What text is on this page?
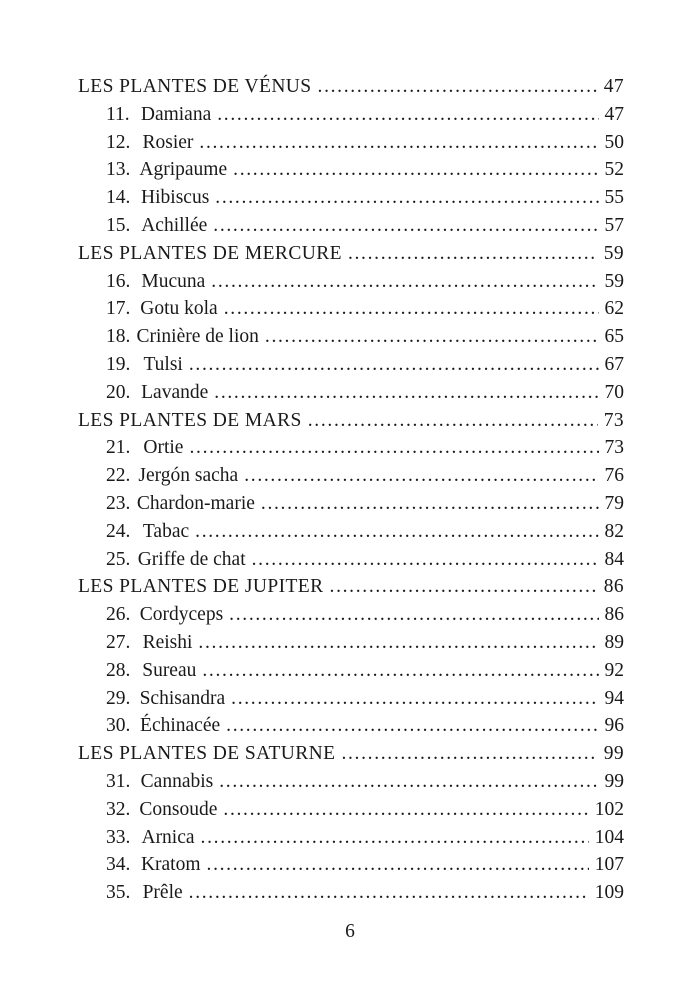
LES PLANTES DE VÉNUS . . .	47
11. Damiana . . .	47
12. Rosier . . .	50
13. Agripaume . . .	52
14. Hibiscus . . .	55
15. Achillée . . .	57
LES PLANTES DE MERCURE . . .	59
16. Mucuna . . .	59
17. Gotu kola . . .	62
18. Crinière de lion . . .	65
19. Tulsi . . .	67
20. Lavande . . .	70
LES PLANTES DE MARS . . .	73
21. Ortie . . .	73
22. Jergón sacha . . .	76
23. Chardon-marie . . .	79
24. Tabac . . .	82
25. Griffe de chat . . .	84
LES PLANTES DE JUPITER . . .	86
26. Cordyceps . . .	86
27. Reishi . . .	89
28. Sureau . . .	92
29. Schisandra . . .	94
30. Échinacée . . .	96
LES PLANTES DE SATURNE . . .	99
31. Cannabis . . .	99
32. Consoude . . .	102
33. Arnica . . .	104
34. Kratom . . .	107
35. Prêle . . .	109
6
